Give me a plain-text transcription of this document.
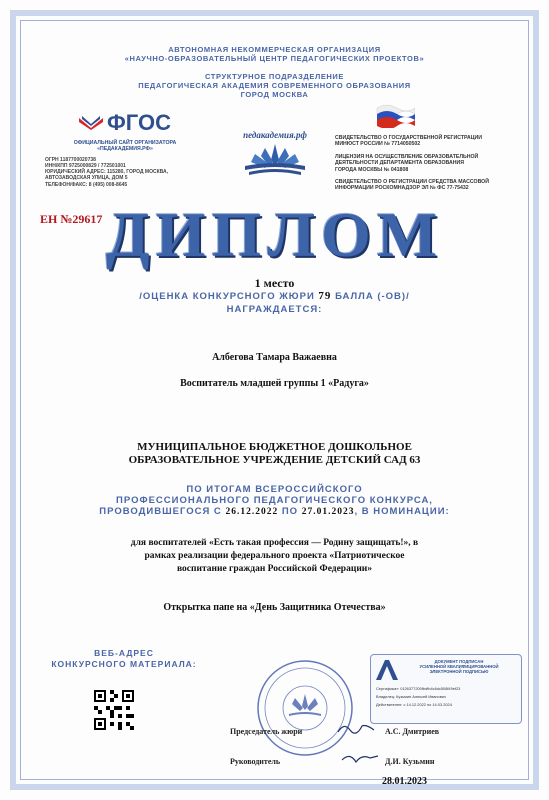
АВТОНОМНАЯ НЕКОММЕРЧЕСКАЯ ОРГАНИЗАЦИЯ
«НАУЧНО-ОБРАЗОВАТЕЛЬНЫЙ ЦЕНТР ПЕДАГОГИЧЕСКИХ ПРОЕКТОВ»
СТРУКТУРНОЕ ПОДРАЗДЕЛЕНИЕ
ПЕДАГОГИЧЕСКАЯ АКАДЕМИЯ СОВРЕМЕННОГО ОБРАЗОВАНИЯ
ГОРОД МОСКВА
ФГОС
ОФИЦИАЛЬНЫЙ САЙТ ОРГАНИЗАТОРА
«ПЕДАКАДЕМИЯ.РФ»
ОГРН 1187700020738
ИНН/КПП 9725000829 / 772501001
ЮРИДИЧЕСКИЙ АДРЕС: 115280, ГОРОД МОСКВА,
АВТОЗАВОДСКАЯ УЛИЦА, ДОМ 5
ТЕЛЕФОН/ФАКС: 8 (495) 008-8645
педакадемия.рф	СВИДЕТЕЛЬСТВО О ГОСУДАРСТВЕННОЙ РЕГИСТРАЦИИ
МИНЮСТ РОССИИ № 7714050502
ЛИЦЕНЗИЯ НА ОСУЩЕСТВЛЕНИЕ ОБРАЗОВАТЕЛЬНОЙ
ДЕЯТЕЛЬНОСТИ ДЕПАРТАМЕНТА ОБРАЗОВАНИЯ
ГОРОДА МОСКВЫ № 041808
СВИДЕТЕЛЬСТВО О РЕГИСТРАЦИИ СРЕДСТВА МАССОВОЙ
ИНФОРМАЦИИ РОСКОМНАДЗОР ЭЛ № ФС 77-75432
ЕН №29617 ДИПЛОМ
1 место
/ОЦЕНКА КОНКУРСНОГО ЖЮРИ 79 БАЛЛА (-ОВ)/
НАГРАЖДАЕТСЯ:
Албегова Тамара Важаевна
Воспитатель младшей группы 1 «Радуга»
МУНИЦИПАЛЬНОЕ БЮДЖЕТНОЕ ДОШКОЛЬНОЕ
ОБРАЗОВАТЕЛЬНОЕ УЧРЕЖДЕНИЕ ДЕТСКИЙ САД 63
ПО ИТОГАМ ВСЕРОССИЙСКОГО
ПРОФЕССИОНАЛЬНОГО ПЕДАГОГИЧЕСКОГО КОНКУРСА,
ПРОВОДИВШЕГОСЯ С 26.12.2022 ПО 27.01.2023, В НОМИНАЦИИ:
для воспитателей «Есть такая профессия — Родину защищать!», в
рамках реализации федерального проекта «Патриотическое
воспитание граждан Российской Федерации»
Открытка папе на «День Защитника Отечества»
ВЕБ-АДРЕС
КОНКУРСНОГО МАТЕРИАЛА:	ДОКУМЕНТ ПОДПИСАН
УСИЛЕННОЙ КВАЛИФИЦИРОВАННОЙ
ЭЛЕКТРОННОЙ ПОДПИСЬЮ
Сертификат: 0126377200fbdfb4c6dc508f49ef23
Владелец: Кузьмин Алексей Иванович
Действителен: с 14.12.2022 по 14.03.2024
Председатель жюри	А.С. Дмитриев
Руководитель	Д.И. Кузьмин
28.01.2023
